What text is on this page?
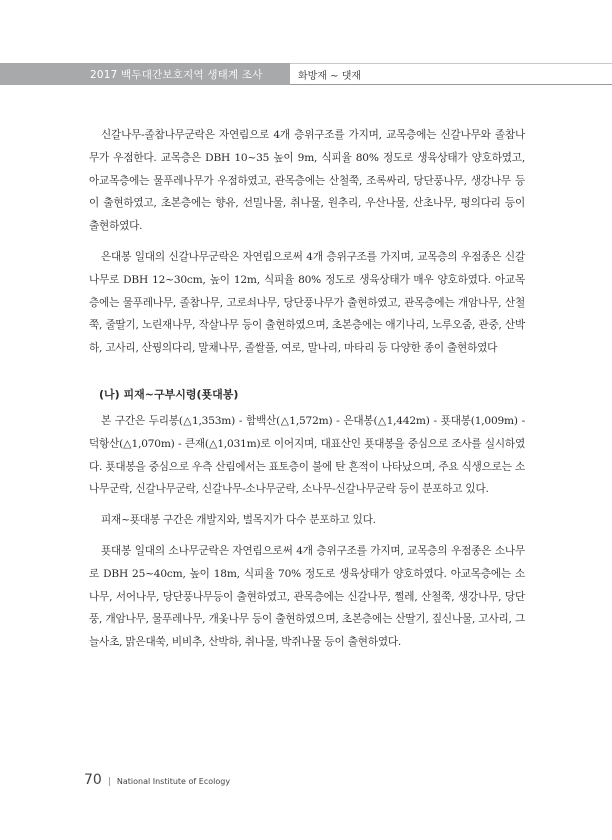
2017 백두대간보호지역 생태계 조사	화방재 ~ 댓재

신갈나무-졸참나무군락은 자연림으로 4개 층위구조를 가지며, 교목층에는 신갈나무와 졸참나무가 우점한다. 교목층은 DBH 10~35 높이 9m, 식피율 80% 정도로 생육상태가 양호하였고, 아교목층에는 물푸레나무가 우점하였고, 관목층에는 산철쭉, 조록싸리, 당단풍나무, 생강나무 등이 출현하였고, 초본층에는 향유, 선밀나물, 취나물, 원추리, 우산나물, 산초나무, 평의다리 등이 출현하였다.

은대봉 일대의 신갈나무군락은 자연림으로써 4개 층위구조를 가지며, 교목층의 우점종은 신갈나무로 DBH 12~30cm, 높이 12m, 식피율 80% 정도로 생육상태가 매우 양호하였다. 아교목층에는 물푸레나무, 졸참나무, 고로쇠나무, 당단풍나무가 출현하였고, 관목층에는 개암나무, 산철쭉, 줄딸기, 노린재나무, 작살나무 등이 출현하였으며, 초본층에는 애기나리, 노루오줌, 관중, 산박하, 고사리, 산꿩의다리, 말채나무, 졸쌀풀, 여로, 말나리, 마타리 등 다양한 종이 출현하였다

(나) 피재~구부시령(푯대봉)

본 구간은 두리봉(△1,353m) - 함백산(△1,572m) - 은대봉(△1,442m) - 푯대봉(1,009m) - 덕항산(△1,070m) - 큰재(△1,031m)로 이어지며, 대표산인 푯대봉을 중심으로 조사를 실시하였다. 푯대봉을 중심으로 우측 산림에서는 표토층이 불에 탄 흔적이 나타났으며, 주요 식생으로는 소나무군락, 신갈나무군락, 신갈나무-소나무군락, 소나무-신갈나무군락 등이 분포하고 있다.

피재~푯대봉 구간은 개발지와, 벌목지가 다수 분포하고 있다.

푯대봉 일대의 소나무군락은 자연림으로써 4개 층위구조를 가지며, 교목층의 우점종은 소나무로 DBH 25~40cm, 높이 18m, 식피율 70% 정도로 생육상태가 양호하였다. 아교목층에는 소나무, 서어나무, 당단풍나무등이 출현하였고, 관목층에는 신갈나무, 쩔레, 산철쭉, 생강나무, 당단풍, 개암나무, 물푸레나무, 개옻나무 등이 출현하였으며, 초본층에는 산딸기, 짚신나물, 고사리, 그늘사초, 맑은대쑥, 비비추, 산박하, 취나물, 박쥐나물 등이 출현하였다.

70 | National Institute of Ecology
